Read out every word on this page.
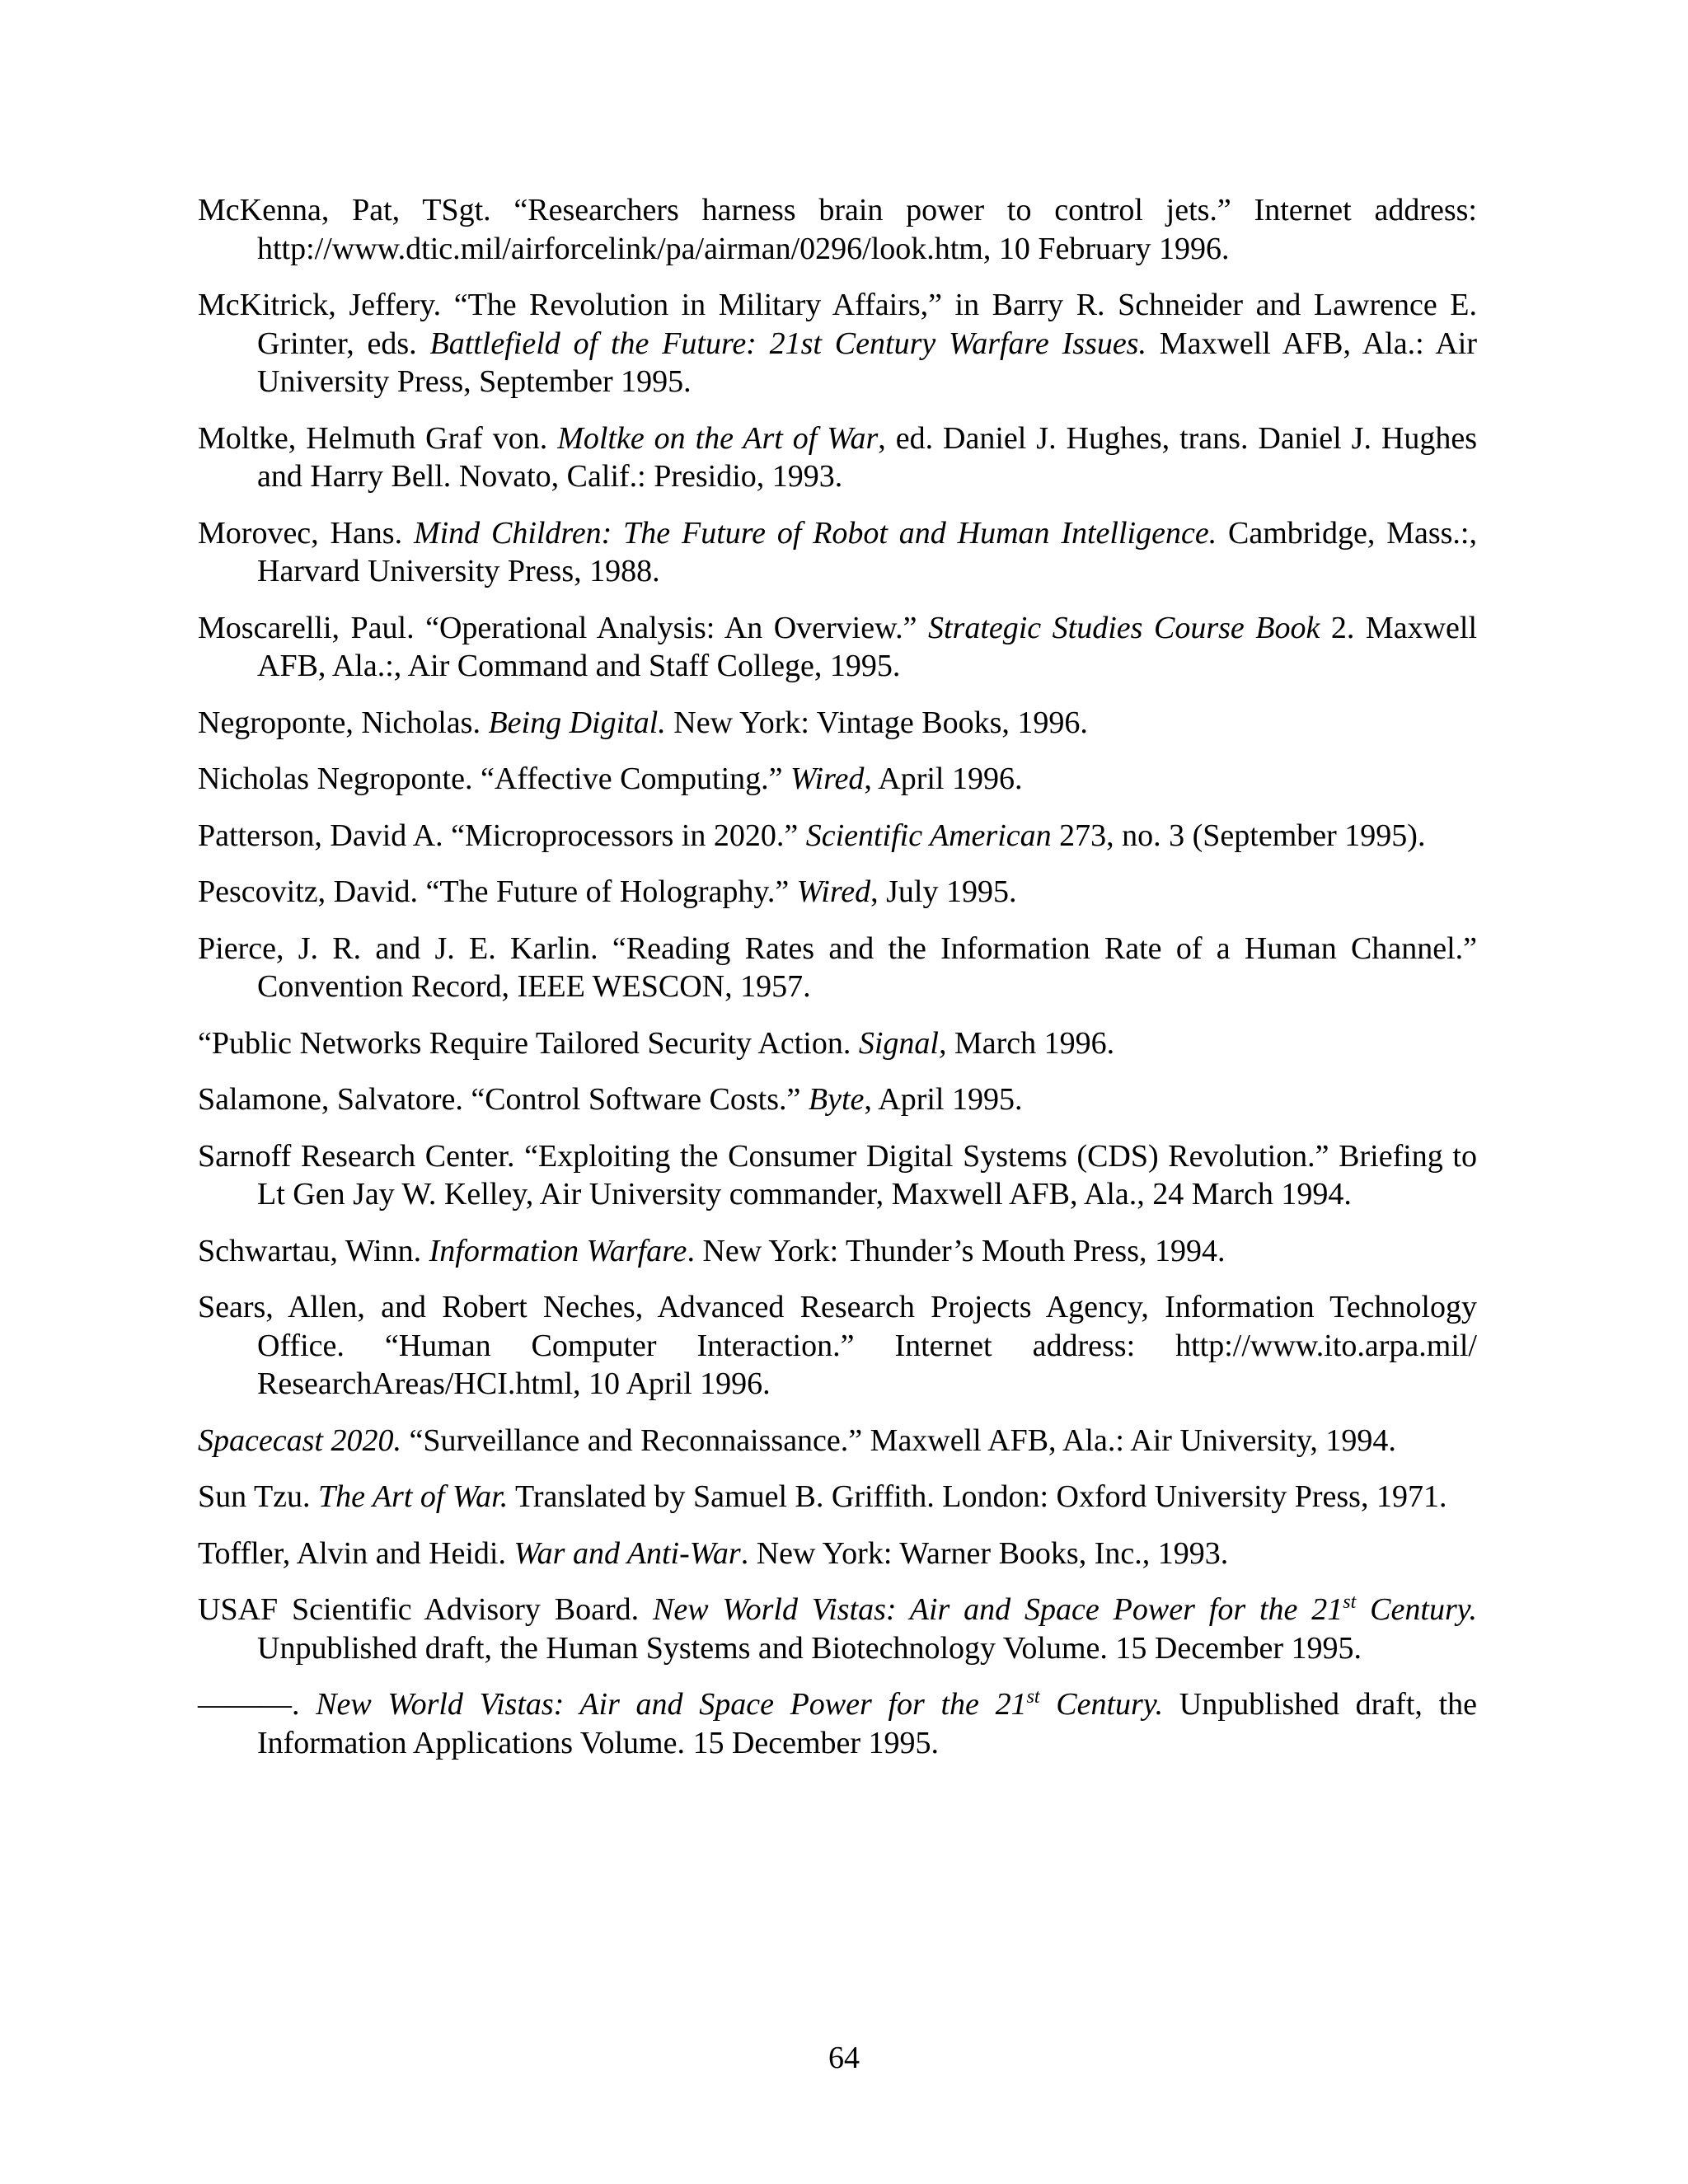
McKenna, Pat, TSgt. “Researchers harness brain power to control jets.” Internet address: http://www.dtic.mil/airforcelink/pa/airman/0296/look.htm, 10 February 1996.
McKitrick, Jeffery. “The Revolution in Military Affairs,” in Barry R. Schneider and Lawrence E. Grinter, eds. Battlefield of the Future: 21st Century Warfare Issues. Maxwell AFB, Ala.: Air University Press, September 1995.
Moltke, Helmuth Graf von. Moltke on the Art of War, ed. Daniel J. Hughes, trans. Daniel J. Hughes and Harry Bell. Novato, Calif.: Presidio, 1993.
Morovec, Hans. Mind Children: The Future of Robot and Human Intelligence. Cambridge, Mass.:, Harvard University Press, 1988.
Moscarelli, Paul. “Operational Analysis: An Overview.” Strategic Studies Course Book 2. Maxwell AFB, Ala.:, Air Command and Staff College, 1995.
Negroponte, Nicholas. Being Digital. New York: Vintage Books, 1996.
Nicholas Negroponte. “Affective Computing.” Wired, April 1996.
Patterson, David A. “Microprocessors in 2020.” Scientific American 273, no. 3 (September 1995).
Pescovitz, David. “The Future of Holography.” Wired, July 1995.
Pierce, J. R. and J. E. Karlin. “Reading Rates and the Information Rate of a Human Channel.” Convention Record, IEEE WESCON, 1957.
“Public Networks Require Tailored Security Action. Signal, March 1996.
Salamone, Salvatore. “Control Software Costs.” Byte, April 1995.
Sarnoff Research Center. “Exploiting the Consumer Digital Systems (CDS) Revolution.” Briefing to Lt Gen Jay W. Kelley, Air University commander, Maxwell AFB, Ala., 24 March 1994.
Schwartau, Winn. Information Warfare. New York: Thunder’s Mouth Press, 1994.
Sears, Allen, and Robert Neches, Advanced Research Projects Agency, Information Technology Office. “Human Computer Interaction.” Internet address: http://www.ito.arpa.mil/ ResearchAreas/HCI.html, 10 April 1996.
Spacecast 2020. “Surveillance and Reconnaissance.” Maxwell AFB, Ala.: Air University, 1994.
Sun Tzu. The Art of War. Translated by Samuel B. Griffith. London: Oxford University Press, 1971.
Toffler, Alvin and Heidi. War and Anti-War. New York: Warner Books, Inc., 1993.
USAF Scientific Advisory Board. New World Vistas: Air and Space Power for the 21st Century. Unpublished draft, the Human Systems and Biotechnology Volume. 15 December 1995.
———. New World Vistas: Air and Space Power for the 21st Century. Unpublished draft, the Information Applications Volume. 15 December 1995.
64
